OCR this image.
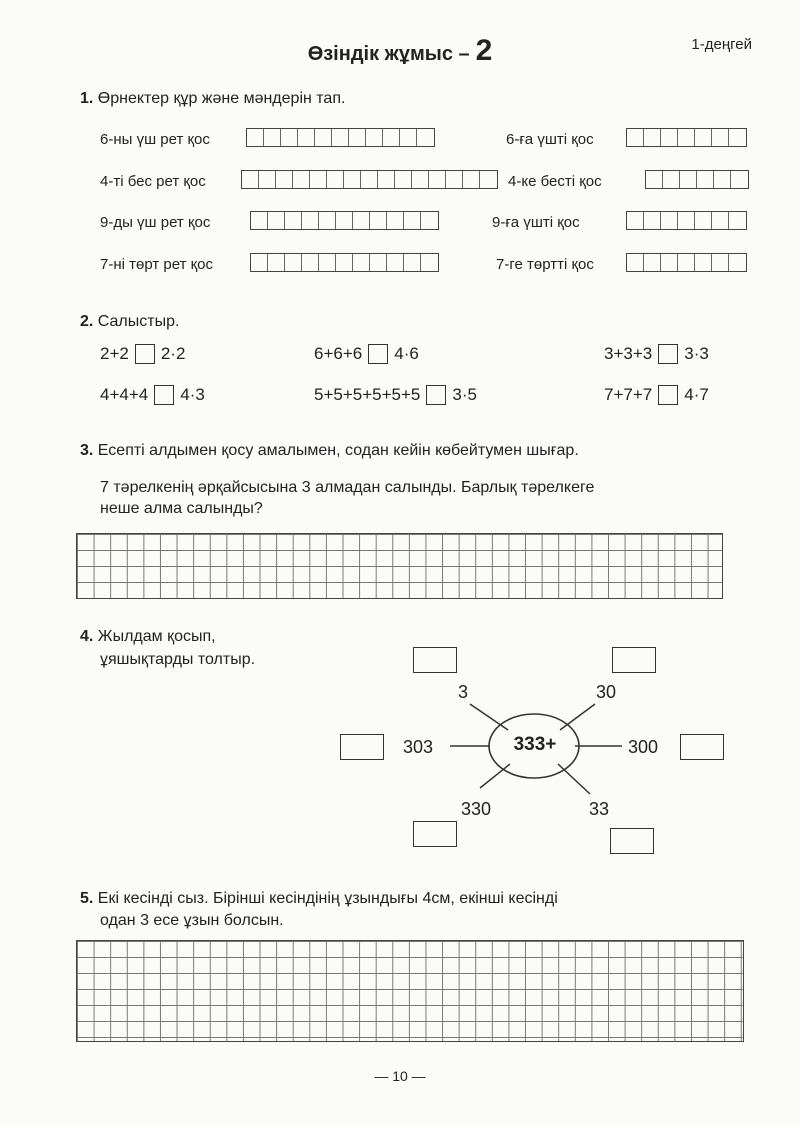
Өзіндік жұмыс – 2	1-деңгей
1. Өрнектер құр және мәндерін тап.
6-ны үш рет қос	6-ға үшті қос
4-ті бес рет қос	4-ке бесті қос
9-ды үш рет қос	9-ға үшті қос
7-ні төрт рет қос	7-ге төртті қос
2. Салыстыр.
2+2 2·2	6+6+6 4·6	3+3+3 3·3
4+4+4 4·3	5+5+5+5+5+5 3·5	7+7+7 4·7
3. Есепті алдымен қосу амалымен, содан кейін көбейтумен шығар.
7 тәрелкенің әрқайсысына 3 алмадан салынды. Барлық тәрелкеге
неше алма салынды?
4. Жылдам қосып,
ұяшықтарды толтыр.
333+
3	30
303	300
330	33
5. Екі кесінді сыз. Бірінші кесіндінің ұзындығы 4см, екінші кесінді
одан 3 есе ұзын болсын.
— 10 —
